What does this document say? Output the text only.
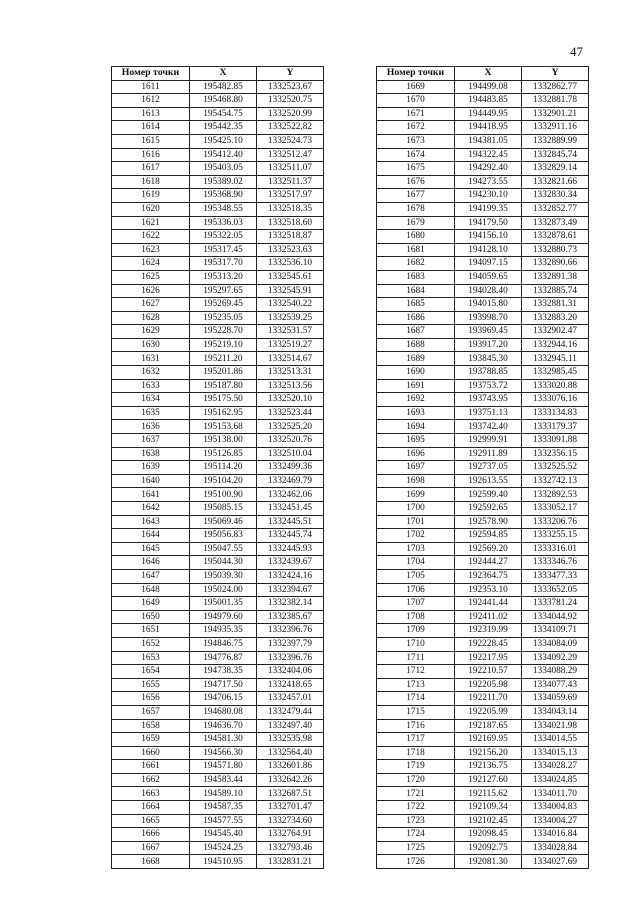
47
Номер точки	X	Y
1611	195482.85	1332523.67
1612	195468.80	1332520.75
1613	195454.75	1332520.99
1614	195442.35	1332522.82
1615	195425.10	1332524.73
1616	195412.40	1332512.47
1617	195403.05	1332511.07
1618	195389.02	1332511.37
1619	195368.90	1332517.97
1620	195348.55	1332518.35
1621	195336.03	1332518.60
1622	195322.05	1332518.87
1623	195317.45	1332523.63
1624	195317.70	1332536.10
1625	195313.20	1332545.61
1626	195297.65	1332545.91
1627	195269.45	1332540.22
1628	195235.05	1332539.25
1629	195228.70	1332531.57
1630	195219.10	1332519.27
1631	195211.20	1332514.67
1632	195201.86	1332513.31
1633	195187.80	1332513.56
1634	195175.50	1332520.10
1635	195162.95	1332523.44
1636	195153.68	1332525.20
1637	195138.00	1332520.76
1638	195126.85	1332510.04
1639	195114.20	1332499.36
1640	195104.20	1332469.79
1641	195100.90	1332462.06
1642	195085.15	1332451.45
1643	195069.46	1332445.51
1644	195056.83	1332445.74
1645	195047.55	1332445.93
1646	195044.30	1332439.67
1647	195039.30	1332424.16
1648	195024.00	1332394.67
1649	195001.35	1332382.14
1650	194979.60	1332385.67
1651	194935.35	1332396.76
1652	194846.75	1332397.79
1653	194776.87	1332396.76
1654	194738.35	1332404.06
1655	194717.50	1332418.65
1656	194706.15	1332457.01
1657	194680.08	1332479.44
1658	194636.70	1332497.40
1659	194581.30	1332535.98
1660	194566.30	1332564.40
1661	194571.80	1332601.86
1662	194583.44	1332642.26
1663	194589.10	1332687.51
1664	194587.35	1332701.47
1665	194577.55	1332734.60
1666	194545.40	1332764.91
1667	194524.25	1332793.46
1668	194510.95	1332831.21
Номер точки	X	Y
1669	194499.08	1332862.77
1670	194483.85	1332881.78
1671	194449.95	1332901.21
1672	194418.95	1332911.16
1673	194381.05	1332889.99
1674	194322.45	1332845.74
1675	194292.40	1332829.14
1676	194273.55	1332821.66
1677	194230.10	1332830.34
1678	194199.35	1332852.77
1679	194179.50	1332873.49
1680	194156.10	1332878.61
1681	194128.10	1332880.73
1682	194097.15	1332890.66
1683	194059.65	1332891.38
1684	194028.40	1332885.74
1685	194015.80	1332881.31
1686	193998.70	1332883.20
1687	193969.45	1332902.47
1688	193917.20	1332944.16
1689	193845.30	1332945.11
1690	193788.85	1332985.45
1691	193753.72	1333020.88
1692	193743.95	1333076.16
1693	193751.13	1333134.83
1694	193742.40	1333179.37
1695	192999.91	1333091.88
1696	192911.89	1332356.15
1697	192737.05	1332525.52
1698	192613.55	1332742.13
1699	192599.40	1332892.53
1700	192592.65	1333052.17
1701	192578.90	1333206.76
1702	192594.85	1333255.15
1703	192569.20	1333316.01
1704	192444.27	1333346.76
1705	192364.75	1333477.33
1706	192353.10	1333652.05
1707	192441.44	1333781.24
1708	192411.02	1334044.92
1709	192319.99	1334109.71
1710	192228.45	1334084.09
1711	192217.95	1334092.29
1712	192210.57	1334088.29
1713	192205.98	1334077.43
1714	192211.70	1334059.69
1715	192205.99	1334043.14
1716	192187.65	1334021.98
1717	192169.95	1334014.55
1718	192156.20	1334015.13
1719	192136.75	1334028.27
1720	192127.60	1334024.85
1721	192115.62	1334011.70
1722	192109.34	1334004.83
1723	192102.45	1334004.27
1724	192098.45	1334016.84
1725	192092.75	1334028.84
1726	192081.30	1334027.69
